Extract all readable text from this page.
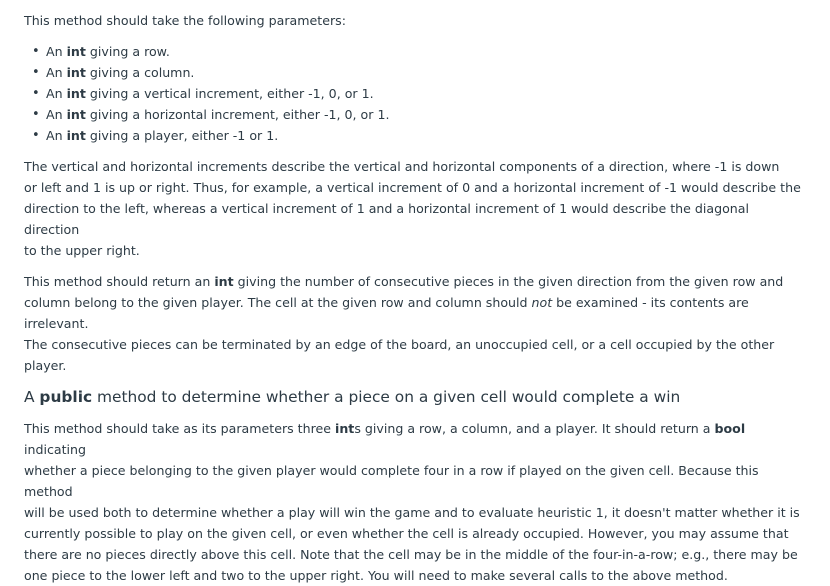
This method should take the following parameters:

• An int giving a row.
• An int giving a column.
• An int giving a vertical increment, either -1, 0, or 1.
• An int giving a horizontal increment, either -1, 0, or 1.
• An int giving a player, either -1 or 1.

The vertical and horizontal increments describe the vertical and horizontal components of a direction, where -1 is down
or left and 1 is up or right. Thus, for example, a vertical increment of 0 and a horizontal increment of -1 would describe the
direction to the left, whereas a vertical increment of 1 and a horizontal increment of 1 would describe the diagonal direction
to the upper right.

This method should return an int giving the number of consecutive pieces in the given direction from the given row and
column belong to the given player. The cell at the given row and column should not be examined - its contents are irrelevant.
The consecutive pieces can be terminated by an edge of the board, an unoccupied cell, or a cell occupied by the other
player.

A public method to determine whether a piece on a given cell would complete a win

This method should take as its parameters three ints giving a row, a column, and a player. It should return a bool indicating
whether a piece belonging to the given player would complete four in a row if played on the given cell. Because this method
will be used both to determine whether a play will win the game and to evaluate heuristic 1, it doesn't matter whether it is
currently possible to play on the given cell, or even whether the cell is already occupied. However, you may assume that
there are no pieces directly above this cell. Note that the cell may be in the middle of the four-in-a-row; e.g., there may be
one piece to the lower left and two to the upper right. You will need to make several calls to the above method.
